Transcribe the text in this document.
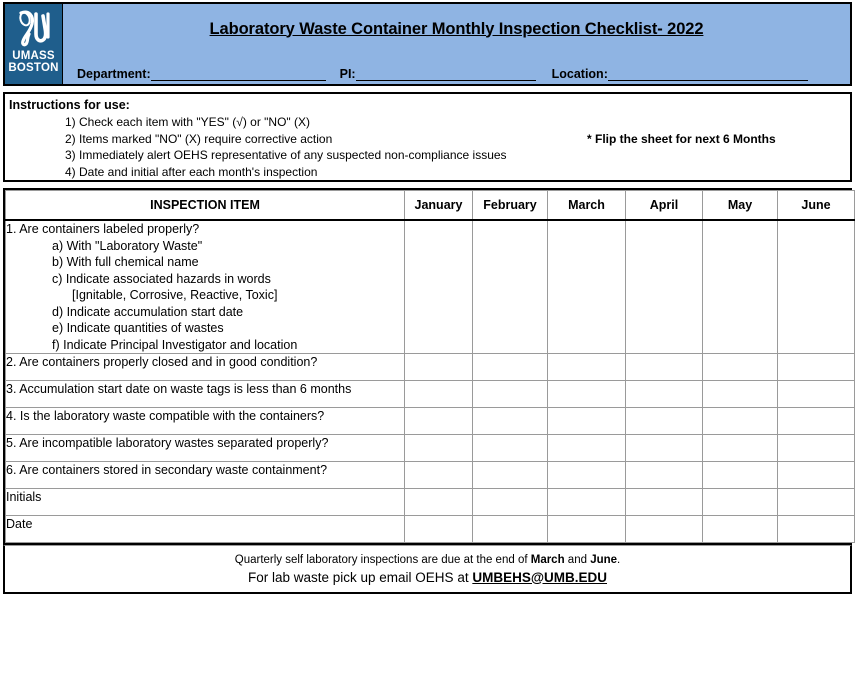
UMASS
BOSTON
Laboratory Waste Container Monthly Inspection Checklist- 2022
Department:	PI:	Location:
Instructions for use:
1) Check each item with "YES" (√) or "NO" (X)
2) Items marked "NO" (X) require corrective action	* Flip the sheet for next 6 Months
3) Immediately alert OEHS representative of any suspected non-compliance issues
4) Date and initial after each month's inspection
INSPECTION ITEM	January	February	March	April	May	June

1. Are containers labeled properly?
a) With "Laboratory Waste"
b) With full chemical name
c) Indicate associated hazards in words
[Ignitable, Corrosive, Reactive, Toxic]
d) Indicate accumulation start date
e) Indicate quantities of wastes
f) Indicate Principal Investigator and location

2. Are containers properly closed and in good condition?						
3. Accumulation start date on waste tags is less than 6 months						
4. Is the laboratory waste compatible with the containers?						
5. Are incompatible laboratory wastes separated properly?						
6. Are containers stored in secondary waste containment?						
Initials						
Date						
Quarterly self laboratory inspections are due at the end of March and June.
For lab waste pick up email OEHS at UMBEHS@UMB.EDU
